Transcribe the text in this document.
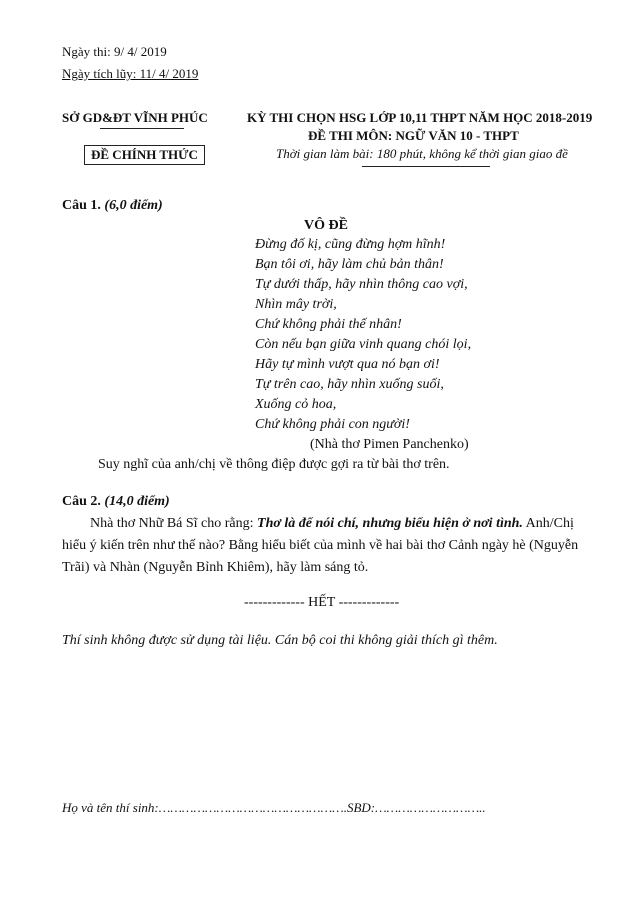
Ngày thi: 9/ 4/ 2019
Ngày tích lũy: 11/ 4/ 2019
SỞ GD&ĐT VĨNH PHÚC
ĐỀ CHÍNH THỨC
KỲ THI CHỌN HSG LỚP 10,11 THPT NĂM HỌC 2018-2019
ĐỀ THI MÔN: NGỮ VĂN 10 - THPT
Thời gian làm bài: 180 phút, không kể thời gian giao đề
Câu 1. (6,0 điểm)
VÔ ĐỀ
Đừng đố kị, cũng đừng hợm hĩnh!
Bạn tôi ơi, hãy làm chủ bản thân!
Tự dưới thấp, hãy nhìn thông cao vợi,
Nhìn mây trời,
Chứ không phải thế nhân!
Còn nếu bạn giữa vinh quang chói lọi,
Hãy tự mình vượt qua nó bạn ơi!
Tự trên cao, hãy nhìn xuống suối,
Xuống cỏ hoa,
Chứ không phải con người!
(Nhà thơ Pimen Panchenko)
Suy nghĩ của anh/chị về thông điệp được gợi ra từ bài thơ trên.
Câu 2. (14,0 điểm)
Nhà thơ Nhữ Bá Sĩ cho rằng: Thơ là để nói chí, nhưng biểu hiện ở nơi tình. Anh/Chị hiểu ý kiến trên như thế nào? Bằng hiểu biết của mình về hai bài thơ Cảnh ngày hè (Nguyễn Trãi) và Nhàn (Nguyễn Bỉnh Khiêm), hãy làm sáng tỏ.
------------- HẾT -------------
Thí sinh không được sử dụng tài liệu. Cán bộ coi thi không giải thích gì thêm.
Họ và tên thí sinh:………………………………………….SBD:………………………..
